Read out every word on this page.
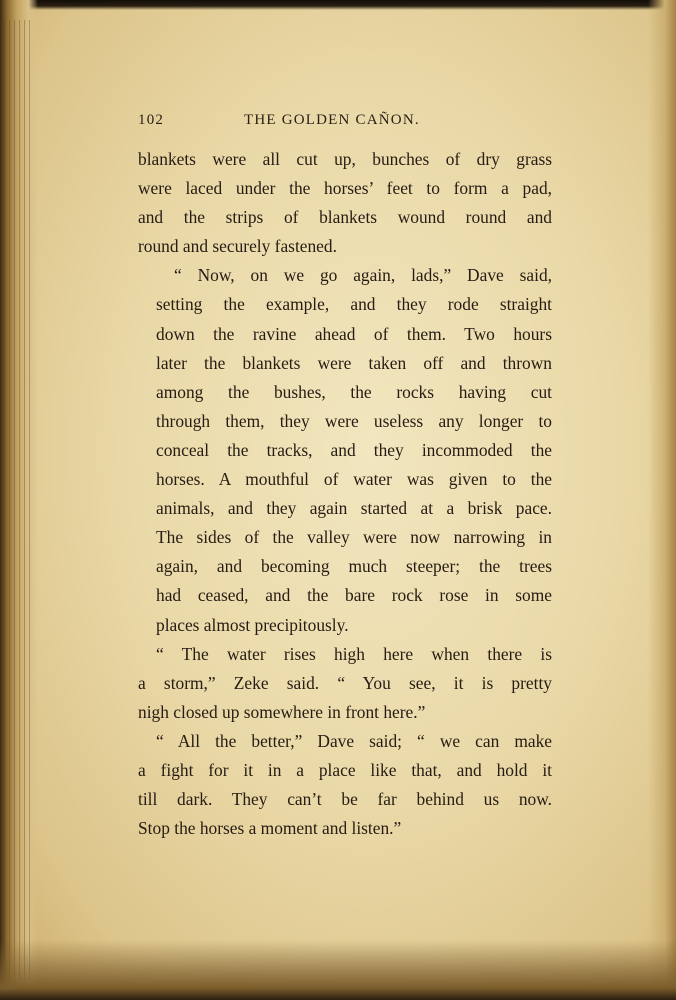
102	THE GOLDEN CAÑON.
blankets were all cut up, bunches of dry grass
were laced under the horses’ feet to form a pad,
and the strips of blankets wound round and
round and securely fastened.
“ Now, on we go again, lads,” Dave said,
setting the example, and they rode straight
down the ravine ahead of them. Two hours
later the blankets were taken off and thrown
among the bushes, the rocks having cut
through them, they were useless any longer to
conceal the tracks, and they incommoded the
horses. A mouthful of water was given to the
animals, and they again started at a brisk pace.
The sides of the valley were now narrowing in
again, and becoming much steeper; the trees
had ceased, and the bare rock rose in some
places almost precipitously.
“ The water rises high here when there is
a storm,” Zeke said. “ You see, it is pretty
nigh closed up somewhere in front here.”
“ All the better,” Dave said; “ we can make
a fight for it in a place like that, and hold it
till dark. They can’t be far behind us now.
Stop the horses a moment and listen.”
